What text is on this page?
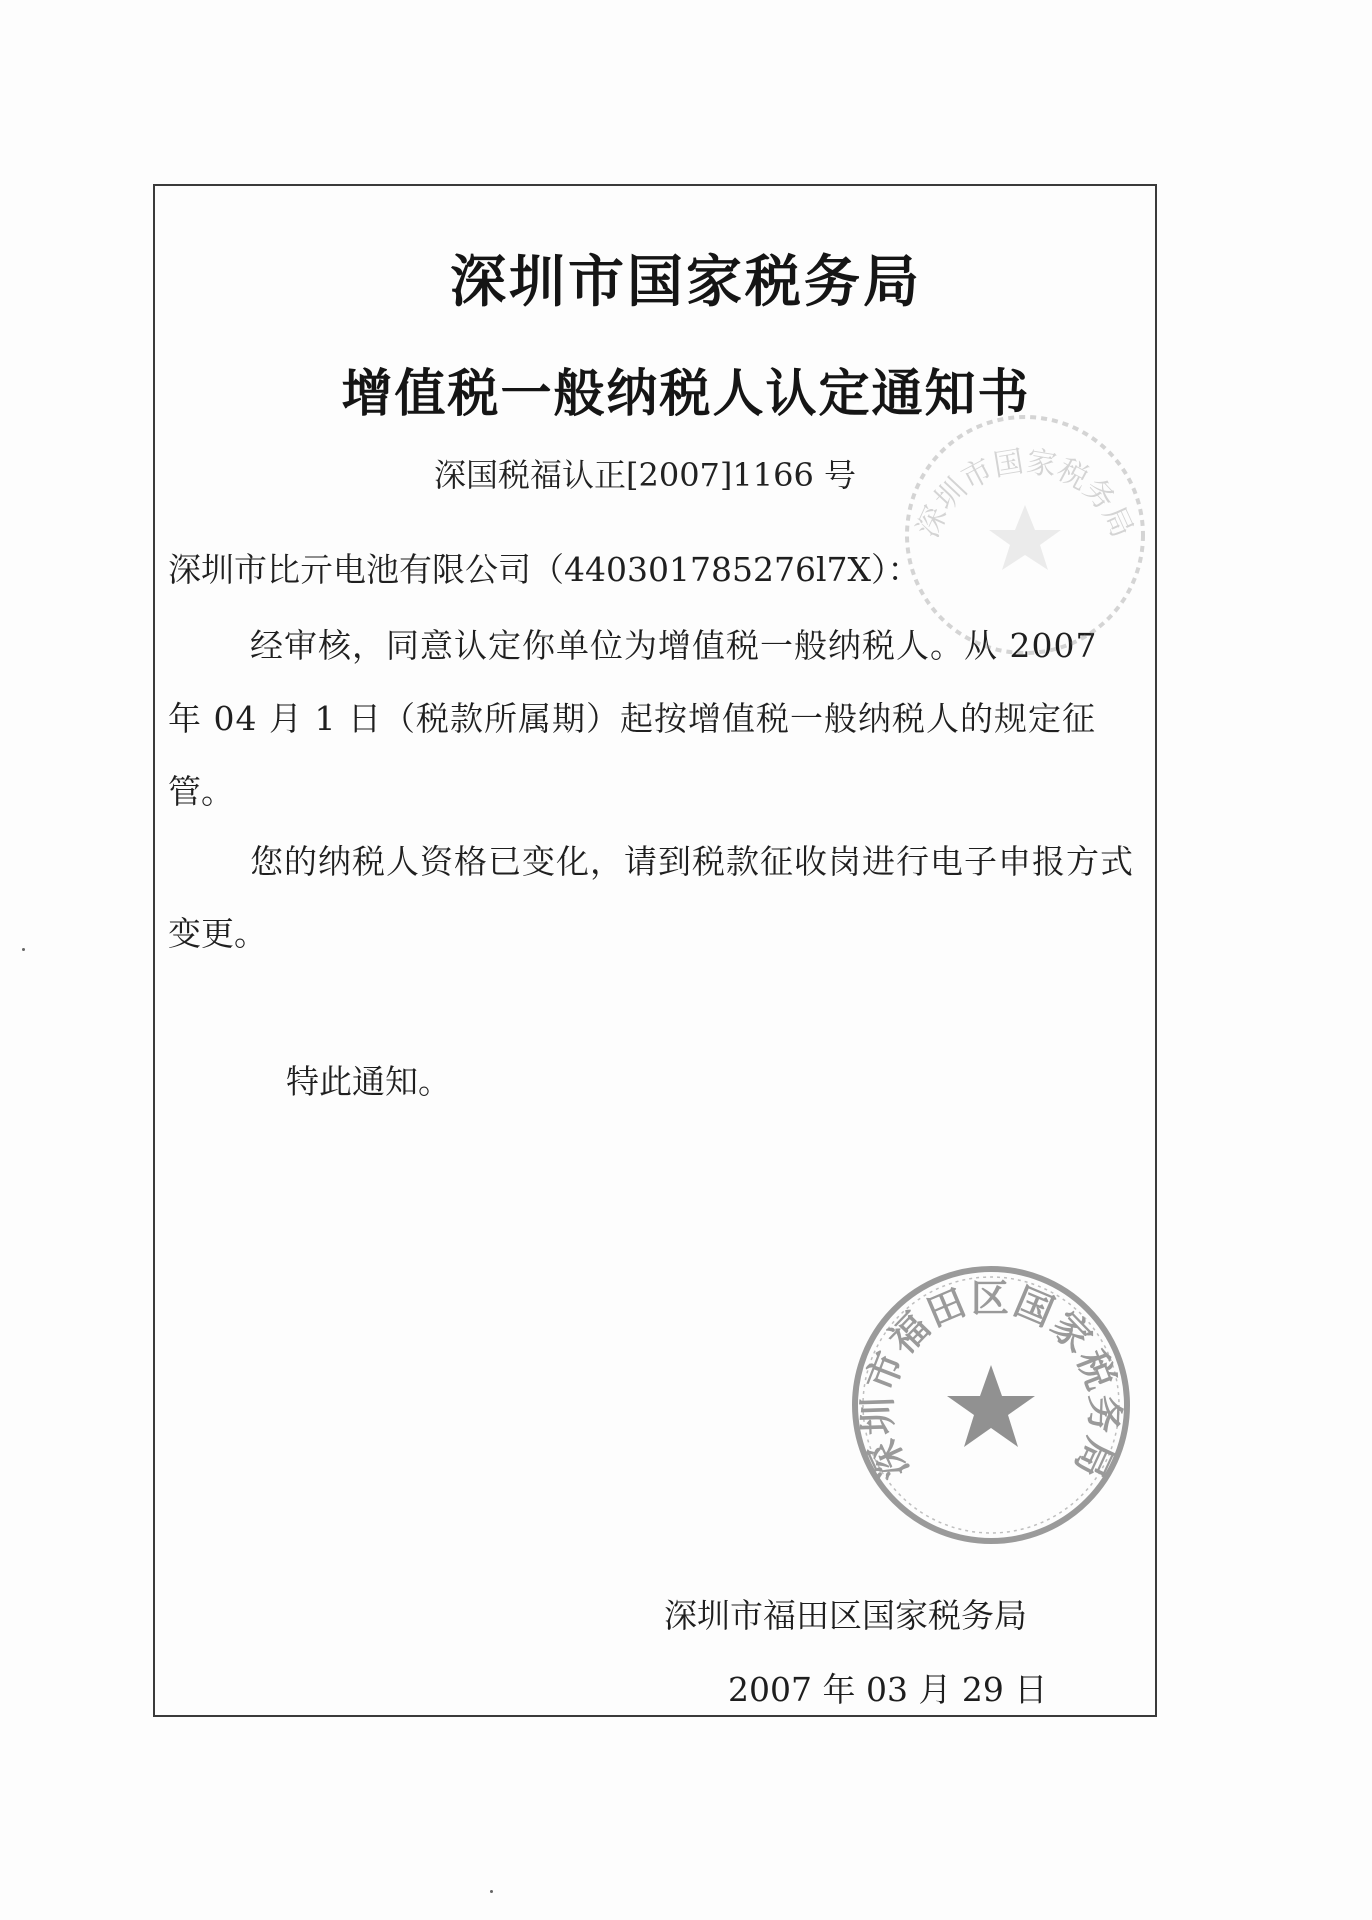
深圳市国家税务局
增值税一般纳税人认定通知书
深国税福认正[2007]1166 号
深圳市比亓电池有限公司（440301785276l7X）：
经审核，同意认定你单位为增值税一般纳税人。从 2007
年 04 月 1 日（税款所属期）起按增值税一般纳税人的规定征
管。
您的纳税人资格已变化，请到税款征收岗进行电子申报方式
变更。
特此通知。
深圳市国家税务局
深圳市福田区国家税务局
深圳市福田区国家税务局
2007 年 03 月 29 日
